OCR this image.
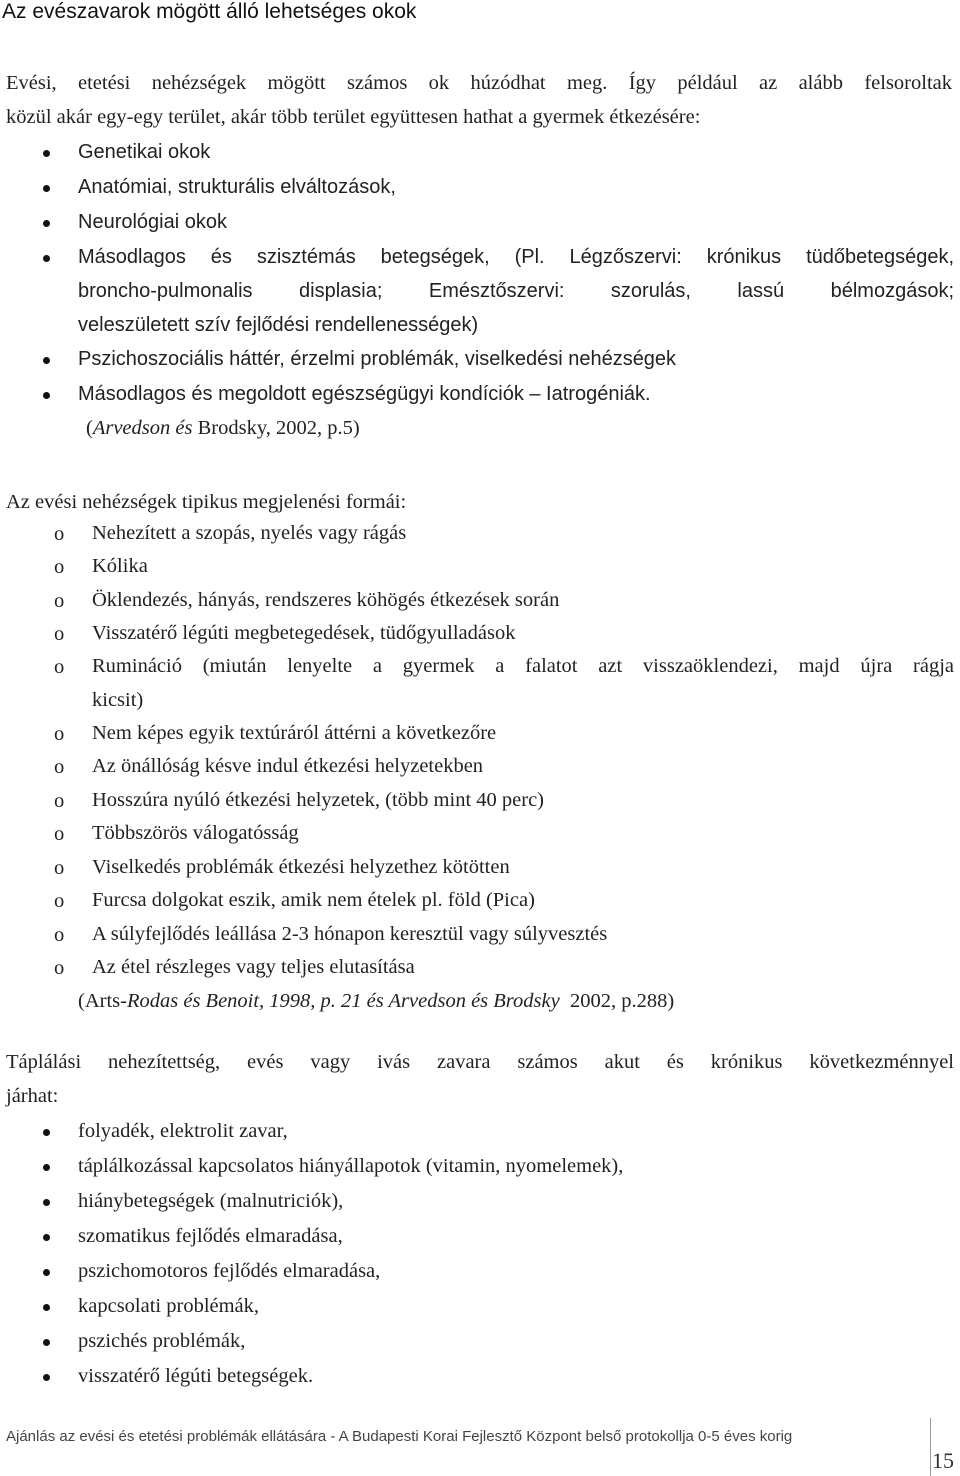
Az evészavarok mögött álló lehetséges okok
Evési, etetési nehézségek mögött számos ok húzódhat meg. Így például az alább felsoroltak
közül akár egy-egy terület, akár több terület együttesen hathat a gyermek étkezésére:
Genetikai okok
Anatómiai, strukturális elváltozások,
Neurológiai okok
Másodlagos és szisztémás betegségek, (Pl. Légzőszervi: krónikus tüdőbetegségek,
broncho-pulmonalis displasia; Emésztőszervi: szorulás, lassú bélmozgások;
veleszületett szív fejlődési rendellenességek)
Pszichoszociális háttér, érzelmi problémák, viselkedési nehézségek
Másodlagos és megoldott egészségügyi kondíciók – Iatrogéniák.
(Arvedson és Brodsky, 2002, p.5)
Az evési nehézségek tipikus megjelenési formái:
o Nehezített a szopás, nyelés vagy rágás
o Kólika
o Öklendezés, hányás, rendszeres köhögés étkezések során
o Visszatérő légúti megbetegedések, tüdőgyulladások
o Rumináció (miután lenyelte a gyermek a falatot azt visszaöklendezi, majd újra rágja
kicsit)
o Nem képes egyik textúráról áttérni a következőre
o Az önállóság késve indul étkezési helyzetekben
o Hosszúra nyúló étkezési helyzetek, (több mint 40 perc)
o Többszörös válogatósság
o Viselkedés problémák étkezési helyzethez kötötten
o Furcsa dolgokat eszik, amik nem ételek pl. föld (Pica)
o A súlyfejlődés leállása 2-3 hónapon keresztül vagy súlyvesztés
o Az étel részleges vagy teljes elutasítása
(Arts-Rodas és Benoit, 1998, p. 21 és Arvedson és Brodsky  2002, p.288)
Táplálási nehezítettség, evés vagy ivás zavara számos akut és krónikus következménnyel
járhat:
folyadék, elektrolit zavar,
táplálkozással kapcsolatos hiányállapotok (vitamin, nyomelemek),
hiánybetegségek (malnutriciók),
szomatikus fejlődés elmaradása,
pszichomotoros fejlődés elmaradása,
kapcsolati problémák,
pszichés problémák,
visszatérő légúti betegségek.
Ajánlás az evési és etetési problémák ellátására - A Budapesti Korai Fejlesztő Központ belső protokollja 0-5 éves korig
15
